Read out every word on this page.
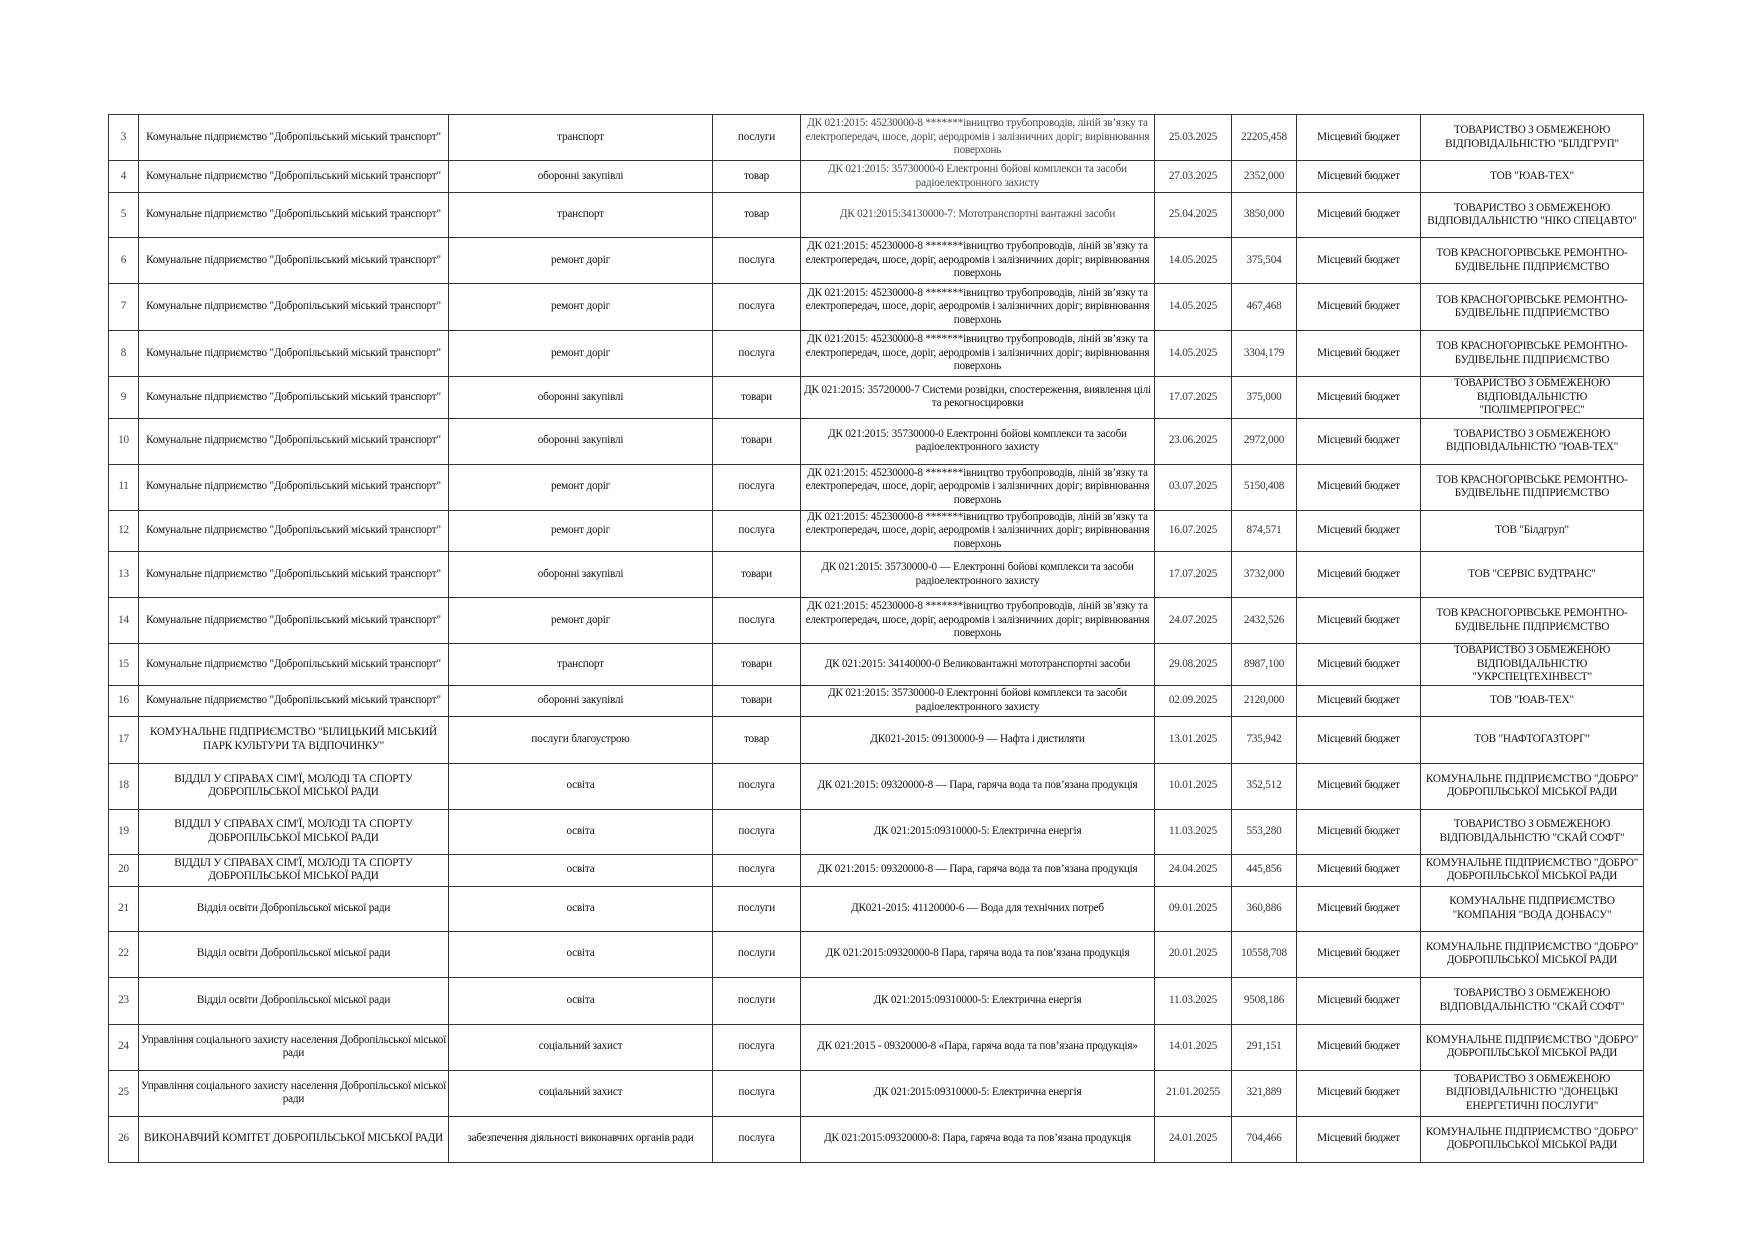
3	Комунальне підприємство "Добропільський міський транспорт"	транспорт	послуги	ДК 021:2015: 45230000-8 *******івництво трубопроводів, ліній зв’язку та електропередач, шосе, доріг, аеродромів і залізничних доріг; вирівнювання поверхонь	25.03.2025	22205,458	Місцевий бюджет	ТОВАРИСТВО З ОБМЕЖЕНОЮ ВІДПОВІДАЛЬНІСТЮ "БІЛДГРУП"
4	Комунальне підприємство "Добропільський міський транспорт"	оборонні закупівлі	товар	ДК 021:2015: 35730000-0 Електронні бойові комплекси та засоби радіоелектронного захисту	27.03.2025	2352,000	Місцевий бюджет	ТОВ "ЮАВ-ТЕХ"
5	Комунальне підприємство "Добропільський міський транспорт"	транспорт	товар	ДК 021:2015:34130000-7: Мототранспортні вантажні засоби	25.04.2025	3850,000	Місцевий бюджет	ТОВАРИСТВО З ОБМЕЖЕНОЮ ВІДПОВІДАЛЬНІСТЮ "НІКО СПЕЦАВТО"
6	Комунальне підприємство "Добропільський міський транспорт"	ремонт доріг	послуга	ДК 021:2015: 45230000-8 *******івництво трубопроводів, ліній зв’язку та електропередач, шосе, доріг, аеродромів і залізничних доріг; вирівнювання поверхонь	14.05.2025	375,504	Місцевий бюджет	ТОВ КРАСНОГОРІВСЬКЕ РЕМОНТНО-БУДІВЕЛЬНЕ ПІДПРИЄМСТВО
7	Комунальне підприємство "Добропільський міський транспорт"	ремонт доріг	послуга	ДК 021:2015: 45230000-8 *******івництво трубопроводів, ліній зв’язку та електропередач, шосе, доріг, аеродромів і залізничних доріг; вирівнювання поверхонь	14.05.2025	467,468	Місцевий бюджет	ТОВ КРАСНОГОРІВСЬКЕ РЕМОНТНО-БУДІВЕЛЬНЕ ПІДПРИЄМСТВО
8	Комунальне підприємство "Добропільський міський транспорт"	ремонт доріг	послуга	ДК 021:2015: 45230000-8 *******івництво трубопроводів, ліній зв’язку та електропередач, шосе, доріг, аеродромів і залізничних доріг; вирівнювання поверхонь	14.05.2025	3304,179	Місцевий бюджет	ТОВ КРАСНОГОРІВСЬКЕ РЕМОНТНО-БУДІВЕЛЬНЕ ПІДПРИЄМСТВО
9	Комунальне підприємство "Добропільський міський транспорт"	оборонні закупівлі	товари	ДК 021:2015: 35720000-7 Системи розвідки, спостереження, виявлення цілі та рекогносцировки	17.07.2025	375,000	Місцевий бюджет	ТОВАРИСТВО З ОБМЕЖЕНОЮ ВІДПОВІДАЛЬНІСТЮ "ПОЛІМЕРПРОГРЕС"
10	Комунальне підприємство "Добропільський міський транспорт"	оборонні закупівлі	товари	ДК 021:2015: 35730000-0 Електронні бойові комплекси та засоби радіоелектронного захисту	23.06.2025	2972,000	Місцевий бюджет	ТОВАРИСТВО З ОБМЕЖЕНОЮ ВІДПОВІДАЛЬНІСТЮ "ЮАВ-ТЕХ"
11	Комунальне підприємство "Добропільський міський транспорт"	ремонт доріг	послуга	ДК 021:2015: 45230000-8 *******івництво трубопроводів, ліній зв’язку та електропередач, шосе, доріг, аеродромів і залізничних доріг; вирівнювання поверхонь	03.07.2025	5150,408	Місцевий бюджет	ТОВ КРАСНОГОРІВСЬКЕ РЕМОНТНО-БУДІВЕЛЬНЕ ПІДПРИЄМСТВО
12	Комунальне підприємство "Добропільський міський транспорт"	ремонт доріг	послуга	ДК 021:2015: 45230000-8 *******івництво трубопроводів, ліній зв’язку та електропередач, шосе, доріг, аеродромів і залізничних доріг; вирівнювання поверхонь	16.07.2025	874,571	Місцевий бюджет	ТОВ "Білдгруп"
13	Комунальне підприємство "Добропільський міський транспорт"	оборонні закупівлі	товари	ДК 021:2015: 35730000-0 — Електронні бойові комплекси та засоби радіоелектронного захисту	17.07.2025	3732,000	Місцевий бюджет	ТОВ "СЕРВІС БУДТРАНС"
14	Комунальне підприємство "Добропільський міський транспорт"	ремонт доріг	послуга	ДК 021:2015: 45230000-8 *******івництво трубопроводів, ліній зв’язку та електропередач, шосе, доріг, аеродромів і залізничних доріг; вирівнювання поверхонь	24.07.2025	2432,526	Місцевий бюджет	ТОВ КРАСНОГОРІВСЬКЕ РЕМОНТНО-БУДІВЕЛЬНЕ ПІДПРИЄМСТВО
15	Комунальне підприємство "Добропільський міський транспорт"	транспорт	товари	ДК 021:2015: 34140000-0 Великовантажні мототранспортні засоби	29.08.2025	8987,100	Місцевий бюджет	ТОВАРИСТВО З ОБМЕЖЕНОЮ ВІДПОВІДАЛЬНІСТЮ "УКРСПЕЦТЕХІНВЕСТ"
16	Комунальне підприємство "Добропільський міський транспорт"	оборонні закупівлі	товари	ДК 021:2015: 35730000-0 Електронні бойові комплекси та засоби радіоелектронного захисту	02.09.2025	2120,000	Місцевий бюджет	ТОВ "ЮАВ-ТЕХ"
17	КОМУНАЛЬНЕ ПІДПРИЄМСТВО "БІЛИЦЬКИЙ МІСЬКИЙ ПАРК КУЛЬТУРИ ТА ВІДПОЧИНКУ"	послуги благоустрою	товар	ДК021-2015: 09130000-9 — Нафта і дистиляти	13.01.2025	735,942	Місцевий бюджет	ТОВ "НАФТОГАЗТОРГ"
18	ВІДДІЛ У СПРАВАХ СІМ'Ї, МОЛОДІ ТА СПОРТУ ДОБРОПІЛЬСЬКОЇ МІСЬКОЇ РАДИ	освіта	послуга	ДК 021:2015: 09320000-8 — Пара, гаряча вода та пов’язана продукція	10.01.2025	352,512	Місцевий бюджет	КОМУНАЛЬНЕ ПІДПРИЄМСТВО "ДОБРО" ДОБРОПІЛЬСЬКОЇ МІСЬКОЇ РАДИ
19	ВІДДІЛ У СПРАВАХ СІМ'Ї, МОЛОДІ ТА СПОРТУ ДОБРОПІЛЬСЬКОЇ МІСЬКОЇ РАДИ	освіта	послуга	ДК 021:2015:09310000-5: Електрична енергія	11.03.2025	553,280	Місцевий бюджет	ТОВАРИСТВО З ОБМЕЖЕНОЮ ВІДПОВІДАЛЬНІСТЮ "СКАЙ СОФТ"
20	ВІДДІЛ У СПРАВАХ СІМ'Ї, МОЛОДІ ТА СПОРТУ ДОБРОПІЛЬСЬКОЇ МІСЬКОЇ РАДИ	освіта	послуга	ДК 021:2015: 09320000-8 — Пара, гаряча вода та пов’язана продукція	24.04.2025	445,856	Місцевий бюджет	КОМУНАЛЬНЕ ПІДПРИЄМСТВО "ДОБРО" ДОБРОПІЛЬСЬКОЇ МІСЬКОЇ РАДИ
21	Відділ освіти Добропільської міської ради	освіта	послуги	ДК021-2015: 41120000-6 — Вода для технічних потреб	09.01.2025	360,886	Місцевий бюджет	КОМУНАЛЬНЕ ПІДПРИЄМСТВО "КОМПАНІЯ "ВОДА ДОНБАСУ"
22	Відділ освіти Добропільської міської ради	освіта	послуги	ДК 021:2015:09320000-8 Пара, гаряча вода та пов’язана продукція	20.01.2025	10558,708	Місцевий бюджет	КОМУНАЛЬНЕ ПІДПРИЄМСТВО "ДОБРО" ДОБРОПІЛЬСЬКОЇ МІСЬКОЇ РАДИ
23	Відділ освіти Добропільської міської ради	освіта	послуги	ДК 021:2015:09310000-5: Електрична енергія	11.03.2025	9508,186	Місцевий бюджет	ТОВАРИСТВО З ОБМЕЖЕНОЮ ВІДПОВІДАЛЬНІСТЮ "СКАЙ СОФТ"
24	Управління соціального захисту населення Добропільської міської ради	соціальний захист	послуга	ДК 021:2015 - 09320000-8 «Пара, гаряча вода та пов’язана продукція»	14.01.2025	291,151	Місцевий бюджет	КОМУНАЛЬНЕ ПІДПРИЄМСТВО "ДОБРО" ДОБРОПІЛЬСЬКОЇ МІСЬКОЇ РАДИ
25	Управління соціального захисту населення Добропільської міської ради	соціальний захист	послуга	ДК 021:2015:09310000-5: Електрична енергія	21.01.20255	321,889	Місцевий бюджет	ТОВАРИСТВО З ОБМЕЖЕНОЮ ВІДПОВІДАЛЬНІСТЮ "ДОНЕЦЬКІ ЕНЕРГЕТИЧНІ ПОСЛУГИ"
26	ВИКОНАВЧИЙ КОМІТЕТ ДОБРОПІЛЬСЬКОЇ МІСЬКОЇ РАДИ	забезпечення діяльності виконавчих органів ради	послуга	ДК 021:2015:09320000-8: Пара, гаряча вода та пов’язана продукція	24.01.2025	704,466	Місцевий бюджет	КОМУНАЛЬНЕ ПІДПРИЄМСТВО "ДОБРО" ДОБРОПІЛЬСЬКОЇ МІСЬКОЇ РАДИ
